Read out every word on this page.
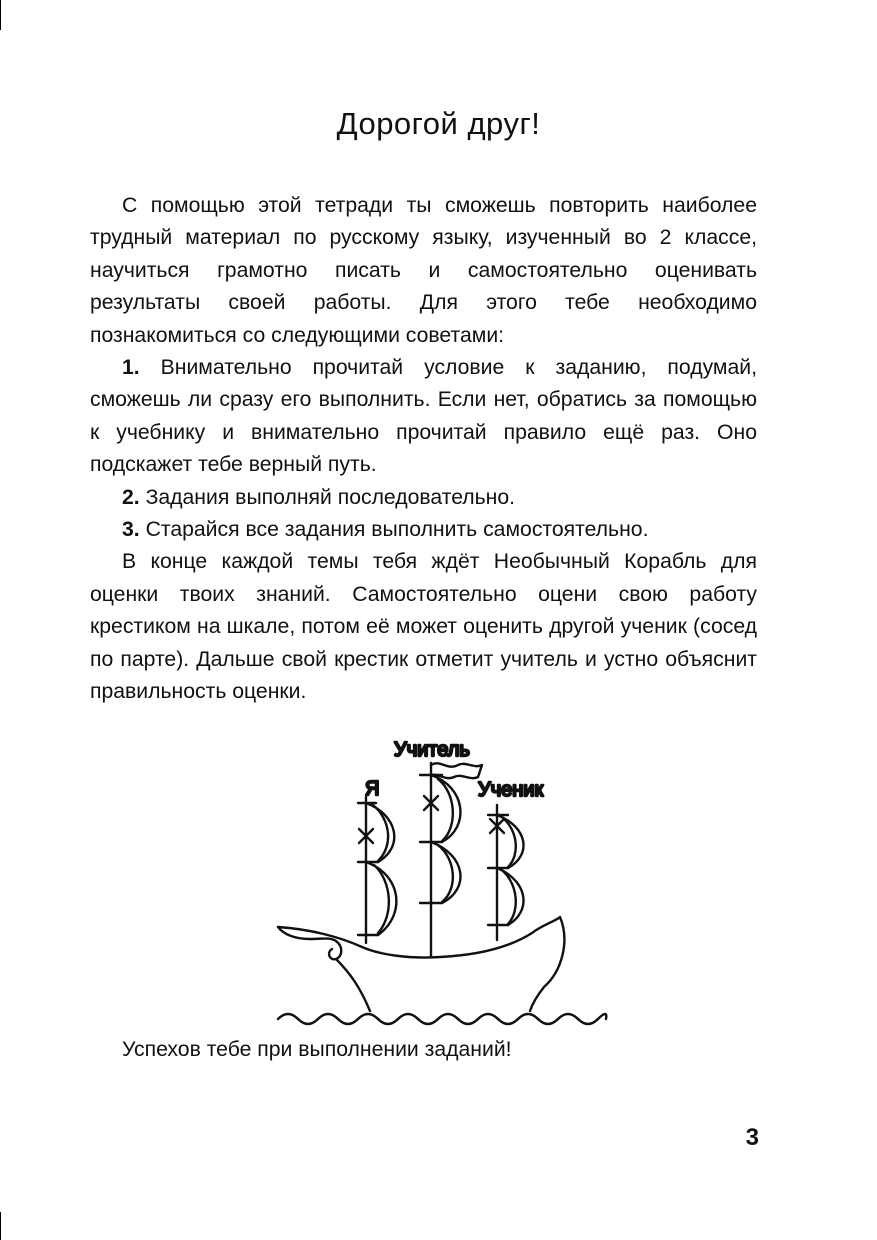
Дорогой друг!

С помощью этой тетради ты сможешь повторить наиболее трудный материал по русскому языку, изученный во 2 классе, научиться грамотно писать и самостоятельно оценивать результаты своей работы. Для этого тебе необходимо познакомиться со следующими советами:

1. Внимательно прочитай условие к заданию, подумай, сможешь ли сразу его выполнить. Если нет, обратись за помощью к учебнику и внимательно прочитай правило ещё раз. Оно подскажет тебе верный путь.

2. Задания выполняй последовательно.

3. Старайся все задания выполнить самостоятельно.

В конце каждой темы тебя ждёт Необычный Корабль для оценки твоих знаний. Самостоятельно оцени свою работу крестиком на шкале, потом её может оценить другой ученик (сосед по парте). Дальше свой крестик отметит учитель и устно объяснит правильность оценки.

Я
Учитель
Ученик
Успехов тебе при выполнении заданий!
3
